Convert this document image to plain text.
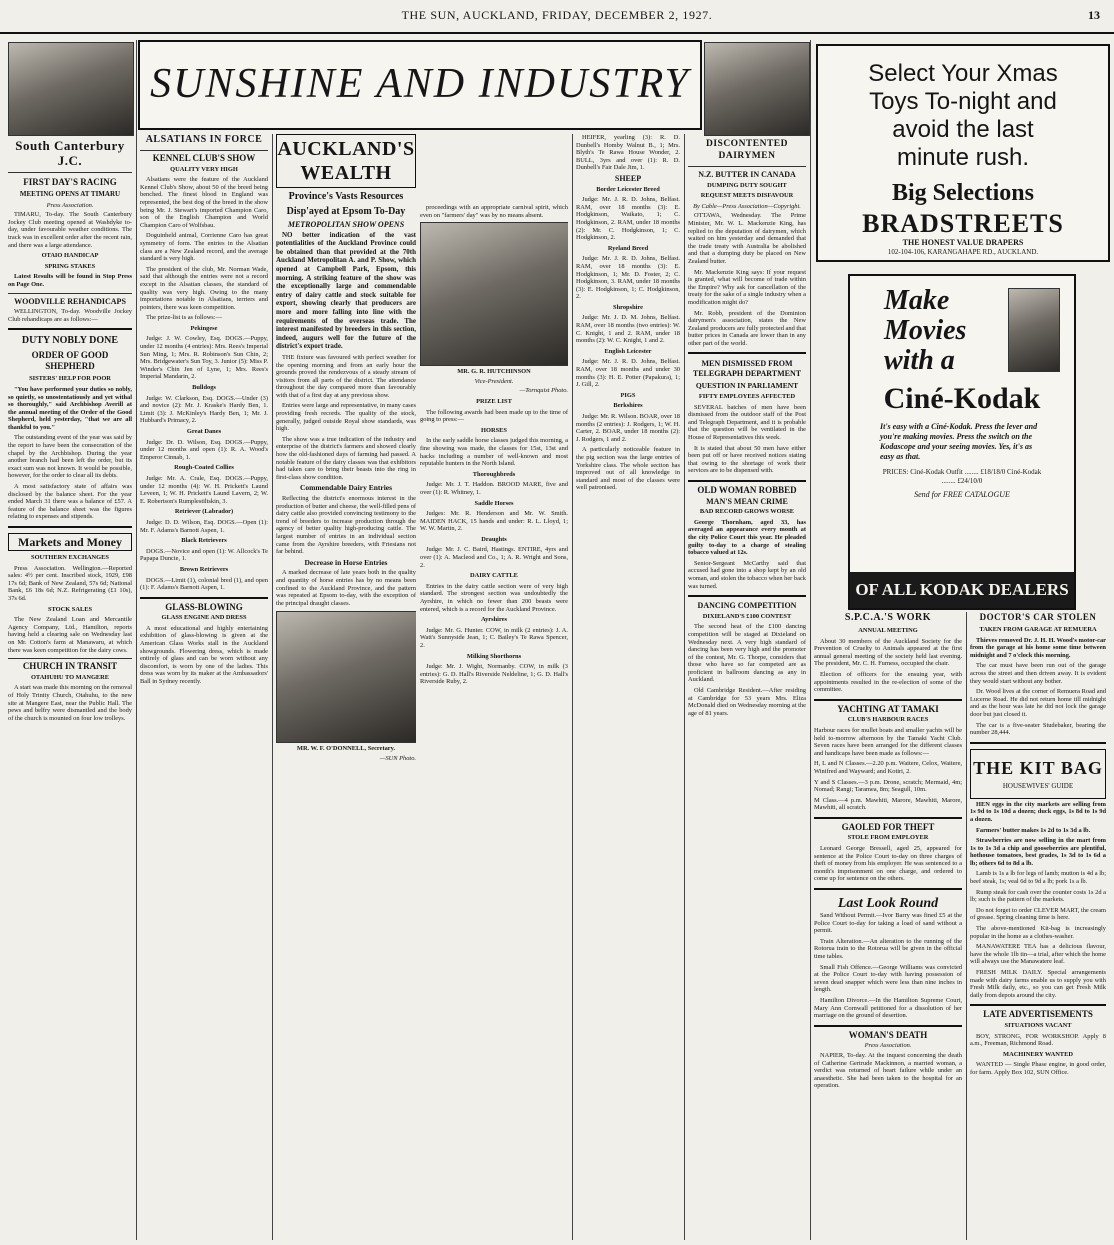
THE SUN, AUCKLAND, FRIDAY, DECEMBER 2, 1927.	13
SUNSHINE AND INDUSTRY
South Canterbury J.C.
FIRST DAY'S RACING
MEETING OPENS AT TIMARU
Press Association.

TIMARU, To-day. The South Canterbury Jockey Club meeting opened at Washdyke to-day, under favourable weather conditions. The track was in excellent order after the recent rain, and there was a large attendance.

OTAIO HANDICAP
SPRING STAKES

Latest Results will be found in Stop Press on Page One.

WOODVILLE REHANDICAPS

WELLINGTON, To-day. Woodville Jockey Club rehandicaps are as follows:—

DUTY NOBLY DONE
ORDER OF GOOD SHEPHERD
SISTERS' HELP FOR POOR

"You have performed your duties so nobly, so quietly, so unostentatiously and yet withal so thoroughly," said Archbishop Averill at the annual meeting of the Order of the Good Shepherd, held yesterday, "that we are all thankful to you."

The outstanding event of the year was said by the report to have been the consecration of the chapel by the Archbishop. During the year another branch had been left the order, but its exact sum was not known. It would be possible, however, for the order to clear all its debts.

A most satisfactory state of affairs was disclosed by the balance sheet. For the year ended March 31 there was a balance of £57. A feature of the balance sheet was the figures relating to expenses and stipends.

Markets and Money
SOUTHERN EXCHANGES

Press Association. Wellington.—Reported sales: 4½ per cent. Inscribed stock, 1929, £98 17s 6d; Bank of New Zealand, 57s 6d; National Bank, £6 18s 6d; N.Z. Refrigerating (£1 10s), 37s 6d.

STOCK SALES

The New Zealand Loan and Mercantile Agency Company, Ltd., Hamilton, reports having held a clearing sale on Wednesday last on Mr. Cotton's farm at Manawaru, at which there was keen competition for the dairy cows.

CHURCH IN TRANSIT
OTAHUHU TO MANGERE

A start was made this morning on the removal of Holy Trinity Church, Otahuhu, to the new site at Mangere East, near the Public Hall. The pews and belfry were dismantled and the body of the church is mounted on four low trolleys.

ALSATIANS IN FORCE
KENNEL CLUB'S SHOW
QUALITY VERY HIGH

Alsatians were the feature of the Auckland Kennel Club's Show, about 50 of the breed being benched. The finest blood in England was represented, the best dog of the breed in the show being Mr. J. Stewart's imported Champion Caro, son of the English Champion and World Champion Caro of Wolfsbau.

Doguinheld animal, Corrienne Caro has great symmetry of form. The entries in the Alsatian class are a New Zealand record, and the average standard is very high.

The president of the club, Mr. Norman Wade, said that although the entries were not a record except in the Alsatian classes, the standard of quality was very high. Owing to the many importations notable in Alsatians, terriers and pointers, there was keen competition.

The prize-list is as follows:—

Pekingese

Judge: J. W. Cowley, Esq. DOGS.—Puppy, under 12 months (4 entries): Mrs. Rees's Imperial Sun Ming, 1; Mrs. R. Robinson's Sun Chin, 2; Mrs. Bridgewater's Sun Toy, 3. Junior (5): Miss P. Winder's Chin Jen of Lyne, 1; Mrs. Rees's Imperial Mandarin, 2.

Bulldogs

Judge: W. Clarkson, Esq. DOGS.—Under (3) and novice (2): Mr. J. Kraske's Hardy Ben, 1. Limit (3): J. McKinley's Hardy Ben, 1; Mr. J. Hubbard's Primacy, 2.

Great Danes

Judge: Dr. D. Wilson, Esq. DOGS.—Puppy, under 12 months and open (1): R. A. Wood's Emperor Cinnab, 1.

Rough-Coated Collies

Judge: Mr. A. Crale, Esq. DOGS.—Puppy, under 12 months (4): W. H. Prickett's Laund Leveen, 1; W. H. Prickett's Laund Lavern, 2; W. E. Robertson's Rumplestiltskin, 3.

Retriever (Labrador)

Judge: D. D. Wilson, Esq. DOGS.—Open (1): Mr. F. Adams's Barnott Aspen, 1.

Black Retrievers

DOGS.—Novice and open (1): W. Allcock's Te Papapa Duncie, 1.

Brown Retrievers

DOGS.—Limit (1), colonial bred (1), and open (1): F. Adams's Barnott Aspen, 1.

GLASS-BLOWING
GLASS ENGINE AND DRESS

A most educational and highly entertaining exhibition of glass-blowing is given at the American Glass Works stall in the Auckland showgrounds. Flowering dress, which is made entirely of glass and can be worn without any discomfort, is worn by one of the ladies. This dress was worn by its maker at the Ambassadors' Ball in Sydney recently.

AUCKLAND'S WEALTH
Province's Vasts Resources
Disp'ayed at Epsom To-Day
METROPOLITAN SHOW OPENS

NO better indication of the vast potentialities of the Auckland Province could be obtained than that provided at the 70th Auckland Metropolitan A. and P. Show, which opened at Campbell Park, Epsom, this morning. A striking feature of the show was the exceptionally large and commendable entry of dairy cattle and stock suitable for export, showing clearly that producers are more and more falling into line with the requirements of the overseas trade. The interest manifested by breeders in this section, indeed, augurs well for the future of the district's export trade.

THE fixture was favoured with perfect weather for the opening morning and from an early hour the grounds proved the rendezvous of a steady stream of visitors from all parts of the district. The attendance throughout the day compared more than favourably with that of a first day at any previous show.

Entries were large and representative, in many cases providing fresh records. The quality of the stock, generally, judged outside Royal show standards, was high.

The show was a true indication of the industry and enterprise of the district's farmers and showed clearly how the old-fashioned days of farming had passed. A notable feature of the dairy classes was that exhibitors had taken care to bring their beasts into the ring in first-class show condition.

Commendable Dairy Entries

Reflecting the district's enormous interest in the production of butter and cheese, the well-filled pens of dairy cattle also provided convincing testimony to the trend of breeders to increase production through the agency of better quality high-producing cattle. The largest number of entries in an individual section came from the Ayrshire breeders, with Friesians not far behind.

Decrease in Horse Entries

A marked decrease of late years both in the quality and quantity of horse entries has by no means been confined to the Auckland Province, and the pattern was repeated at Epsom to-day, with the exception of the principal draught classes.

MR. W. F. O'DONNELL, Secretary.
—SUN Photo.

proceedings with an appropriate carnival spirit, which even on "farmers' day" was by no means absent.

MR. G. R. HUTCHINSON
Vice-President.
—Tornquist Photo.
PRIZE LIST

The following awards had been made up to the time of going to press:—

HORSES

In the early saddle horse classes judged this morning, a fine showing was made, the classes for 15st, 13st and hacks including a number of well-known and most reputable hunters in the North Island.

Thoroughbreds

Judge: Mr. J. T. Haddon. BROOD MARE, five and over (1): R. Whitney, 1.

Saddle Horses

Judges: Mr. R. Henderson and Mr. W. Smith. MAIDEN HACK, 15 hands and under: R. L. Lloyd, 1; W. W. Martin, 2.

Draughts

Judge: Mr. J. C. Baird, Hastings. ENTIRE, 4yrs and over (1): A. Macleod and Co., 1; A. R. Wright and Sons, 2.

DAIRY CATTLE

Entries in the dairy cattle section were of very high standard. The strongest section was undoubtedly the Ayrshire, in which no fewer than 200 beasts were entered, which is a record for the Auckland Province.

Ayrshires

Judge: Mr. G. Hunter. COW, in milk (2 entries): J. A. Watt's Sunnyside Jean, 1; C. Bailey's Te Rawa Spencer, 2.

Milking Shorthorns

Judge: Mr. J. Wight, Normanby. COW, in milk (3 entries): G. D. Hall's Riverside Neldeline, 1; G. D. Hall's Riverside Ruby, 2.

HEIFER, yearling (3): R. D. Dunbell's Homby Walnut B., 1; Mrs. Blyth's Te Rawa House Wonder, 2. BULL, 3yrs and over (1): R. D. Dunbell's Fair Dale Jim, 1.

SHEEP
Border Leicester Breed

Judge: Mr. J. R. D. Johns, Belfast. RAM, over 18 months (3): E. Hodgkinson, Waikato, 1; C. Hodgkinson, 2. RAM, under 18 months (2): Mr. C. Hodgkinson, 1; C. Hodgkinson, 2.

Ryeland Breed

Judge: Mr. J. R. D. Johns, Belfast. RAM, over 18 months (3): E. Hodgkinson, 1; Mr. D. Foster, 2; C. Hodgkinson, 3. RAM, under 18 months (3): E. Hodgkinson, 1; C. Hodgkinson, 2.

Shropshire

Judge: Mr. J. D. M. Johns, Belfast. RAM, over 18 months (two entries): W. C. Knight, 1 and 2. RAM, under 18 months (2): W. C. Knight, 1 and 2.

English Leicester

Judge: Mr. J. R. D. Johns, Belfast. RAM, over 18 months and under 30 months (3): H. E. Potter (Papakura), 1; J. Gill, 2.

PIGS
Berkshires

Judge: Mr. R. Wilson. BOAR, over 18 months (2 entries): J. Rodgers, 1; W. H. Carter, 2. BOAR, under 18 months (2): J. Rodgers, 1 and 2.

A particularly noticeable feature in the pig section was the large entries of Yorkshire class. The whole section has improved out of all knowledge in standard and most of the classes were well patronised.

DISCONTENTED DAIRYMEN
N.Z. BUTTER IN CANADA
DUMPING DUTY SOUGHT
REQUEST MEETS DISFAVOUR
By Cable—Press Association—Copyright.

OTTAWA, Wednesday. The Prime Minister, Mr. W. L. Mackenzie King, has replied to the deputation of dairymen, which waited on him yesterday and demanded that the trade treaty with Australia be abolished and that a dumping duty be placed on New Zealand butter.

Mr. Mackenzie King says: If your request is granted, what will become of trade within the Empire? Why ask for cancellation of the treaty for the sake of a single industry when a modification might do?

Mr. Robb, president of the Dominion dairymen's association, states the New Zealand producers are fully protected and that butter prices in Canada are lower than in any other part of the world.

MEN DISMISSED FROM TELEGRAPH DEPARTMENT
QUESTION IN PARLIAMENT
FIFTY EMPLOYEES AFFECTED

SEVERAL batches of men have been dismissed from the outdoor staff of the Post and Telegraph Department, and it is probable that the question will be ventilated in the House of Representatives this week.

It is stated that about 50 men have either been put off or have received notices stating that owing to the shortage of work their services are to be dispensed with.

OLD WOMAN ROBBED
MAN'S MEAN CRIME
BAD RECORD GROWS WORSE

George Thornham, aged 33, has averaged an appearance every month at the city Police Court this year. He pleaded guilty to-day to a charge of stealing tobacco valued at 12s.

Senior-Sergeant McCarthy said that accused had gone into a shop kept by an old woman, and stolen the tobacco when her back was turned.

DANCING COMPETITION
DIXIELAND'S £100 CONTEST

The second heat of the £100 dancing competition will be staged at Dixieland on Wednesday next. A very high standard of dancing has been very high and the promoter of the contest, Mr. G. Thorpe, considers that those who have so far competed are as proficient in ballroom dancing as any in Auckland.

Old Cambridge Resident.—After residing at Cambridge for 53 years Mrs. Eliza McDonald died on Wednesday morning at the age of 81 years.

Select Your Xmas
Toys To-night and
avoid the last
minute rush.
Big Selections
BRADSTREETS
THE HONEST VALUE DRAPERS
102-104-106, KARANGAHAPE RD., AUCKLAND.
Make
Movies
with a
Ciné-Kodak
It's easy with a Ciné-Kodak. Press the lever and you're making movies. Press the switch on the Kodascope and your seeing movies. Yes, it's as easy as that.
PRICES: Ciné-Kodak Outfit ........ £18/18/0 Ciné-Kodak ........ £24/10/0
Send for FREE CATALOGUE
OF ALL KODAK DEALERS
S.P.C.A.'S WORK
ANNUAL MEETING

About 30 members of the Auckland Society for the Prevention of Cruelty to Animals appeared at the first annual general meeting of the society held last evening. The president, Mr. C. H. Furness, occupied the chair.

Election of officers for the ensuing year, with appointments resulted in the re-election of some of the committee.

YACHTING AT TAMAKI
CLUB'S HARBOUR RACES
Harbour races for mullet boats and smaller yachts will be held to-morrow afternoon by the Tamaki Yacht Club. Seven races have been arranged for the different classes and handicaps have been made as follows:—
H, L and N Classes.—2.20 p.m. Waitere, Celox, Waitere, Winifred and Wayward; and Kotiri, 2.
Y and S Classes.—3 p.m. Drone, scratch; Mermaid, 4m; Nomad; Rangi; Taramea, 8m; Seagull, 10m.
M Class.—4 p.m. Mawhiti, Marore, Mawhiti, Marore, Mawhiti, all scratch.
GAOLED FOR THEFT
STOLE FROM EMPLOYER

Leonard George Bressell, aged 25, appeared for sentence at the Police Court to-day on three charges of theft of money from his employer. He was sentenced to a month's imprisonment on one charge, and ordered to come up for sentence on the others.

Last Look Round

Sand Without Permit.—Ivor Barry was fined £5 at the Police Court to-day for taking a load of sand without a permit.

Train Alteration.—An alteration to the running of the Rotorua train to the Rotorua will be given in the official time tables.

Small Fish Offence.—George Williams was convicted at the Police Court to-day with having possession of seven dead snapper which were less than nine inches in length.

Hamilton Divorce.—In the Hamilton Supreme Court, Mary Ann Cornwall petitioned for a dissolution of her marriage on the ground of desertion.

WOMAN'S DEATH
Press Association.

NAPIER, To-day. At the inquest concerning the death of Catherine Gertrude Mackinnon, a married woman, a verdict was returned of heart failure while under an anaesthetic. She had been taken to the hospital for an operation.

DOCTOR'S CAR STOLEN
TAKEN FROM GARAGE AT REMUERA

Thieves removed Dr. J. H. H. Wood's motor-car from the garage at his home some time between midnight and 7 o'clock this morning.

The car must have been run out of the garage across the street and then driven away. It is evident they would start without any bother.

Dr. Wood lives at the corner of Remuera Road and Lucerne Road. He did not return home till midnight and as the hour was late he did not lock the garage door but just closed it.

The car is a five-seater Studebaker, bearing the number 28,444.

THE KIT BAG
HOUSEWIVES' GUIDE

HEN eggs in the city markets are selling from 1s 9d to 1s 10d a dozen; duck eggs, 1s 8d to 1s 9d a dozen.

Farmers' butter makes 1s 2d to 1s 3d a lb.

Strawberries are now selling in the mart from 1s to 1s 3d a chip and gooseberries are plentiful, hothouse tomatoes, best grades, 1s 3d to 1s 6d a lb; others 6d to 8d a lb.

Lamb is 1s a lb for legs of lamb; mutton is 4d a lb; beef steak, 1s; veal 6d to 9d a lb; pork 1s a lb.

Rump steak for cash over the counter costs 1s 2d a lb; such is the pattern of the markets.

Do not forget to order CLEVER MART, the cream of grease. Spring cleaning time is here.

The above-mentioned Kit-bag is increasingly popular in the home as a clothes-washer.

MANAWATERE TEA has a delicious flavour, have the whole 1lb tin—a trial, after which the home will always use the Manawatere leaf.

FRESH MILK DAILY. Special arrangements made with dairy farms enable us to supply you with Fresh Milk daily, etc., so you can get Fresh Milk daily from depots around the city.

LATE ADVERTISEMENTS
SITUATIONS VACANT

BOY, STRONG, FOR WORKSHOP. Apply 8 a.m., Freeman, Richmond Road.

MACHINERY WANTED

WANTED — Single Phase engine, in good order, for farm. Apply Box 102, SUN Office.
